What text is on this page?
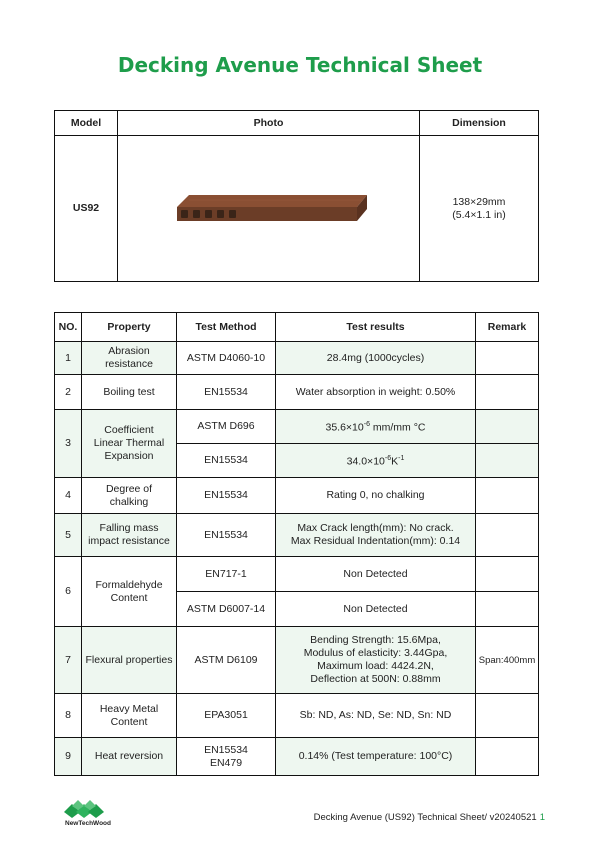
Decking Avenue Technical Sheet
Model	Photo	Dimension
US92		138×29mm
(5.4×1.1 in)
NO.	Property	Test Method	Test results	Remark
1	Abrasion resistance	ASTM D4060-10	28.4mg (1000cycles)	
2	Boiling test	EN15534	Water absorption in weight: 0.50%	
3	Coefficient Linear Thermal Expansion	ASTM D696	$35.6\times 10^{-6}$ mm/mm °C	
		EN15534	$34.0\times 10^{-6}K^{-1}$	
4	Degree of chalking	EN15534	Rating 0, no chalking	
5	Falling mass impact resistance	EN15534	Max Crack length(mm): No crack.
Max Residual Indentation(mm): 0.14	

6	Formaldehyde Content	EN717-1	Non Detected	
		ASTM D6007-14	Non Detected	
7	Flexural properties	ASTM D6109	Bending Strength: 15.6Mpa,
Modulus of elasticity: 3.44Gpa,
Maximum load: 4424.2N,
Deflection at 500N: 0.88mm	Span:400mm
8	Heavy Metal Content	EPA3051	Sb: ND, As: ND, Se: ND, Sn: ND	
9	Heat reversion	EN15534
EN479	0.14% (Test temperature: 100°C)	
NewTechWood
Decking Avenue (US92) Technical Sheet/ v20240521 1
